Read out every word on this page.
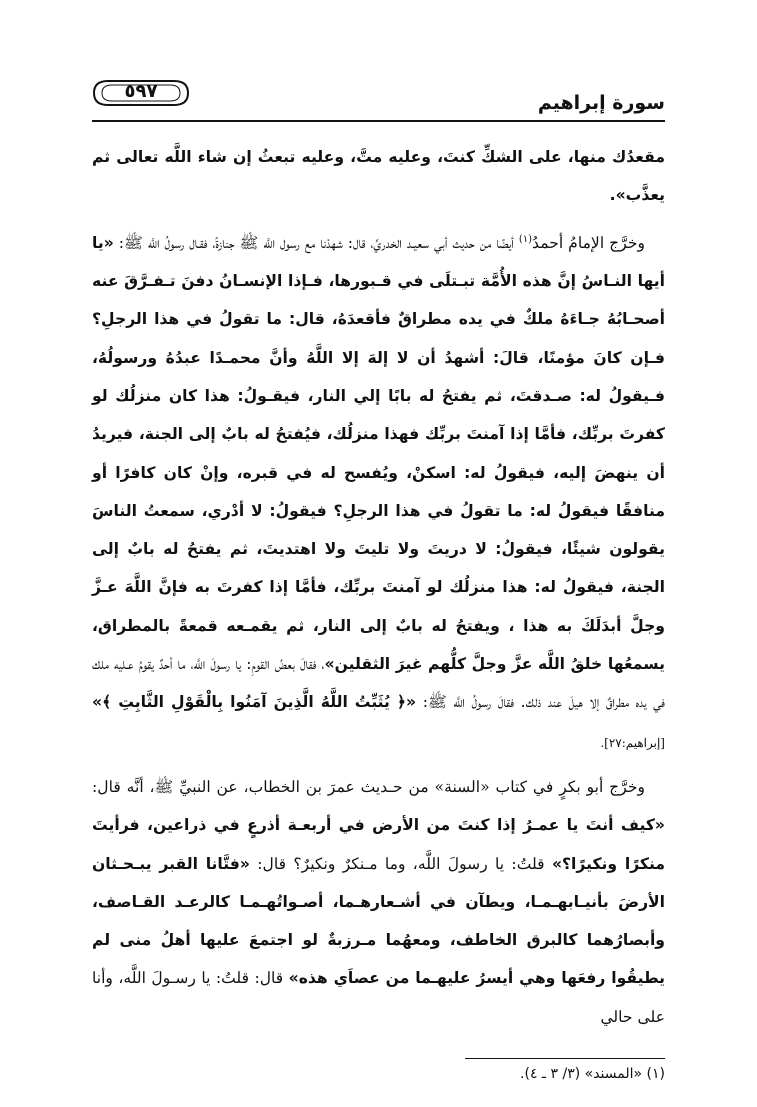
سورة إبراهيم
٥٩٧

مقعدُك منها، على الشكِّ كنتَ، وعليه متَّ، وعليه تبعثُ إن شاء اللَّه تعالى ثم يعذَّب».

وخرَّج الإمامُ أحمدُ$^{(١)}$ أيضًا من حديث أبي سعيـد الخدريِّ، قال: شهدْنا مع رسول اللَّه ﷺ جنازةً، فقـال رسولُ اللَّه ﷺ: «يا أيها النـاسُ إنَّ هذه الأُمَّة تبـتلَى في قـبورها، فـإذا الإنسـانُ دفنَ تـفـرَّقَ عنه أصحـابُهُ جـاءَهُ ملكٌ في يده مطراقٌ فأقعدَهُ، قال: ما تقولُ في هذا الرجلِ؟ فـإن كانَ مؤمنًا، قالَ: أشهدُ أن لا إلهَ إلا اللَّهُ وأنَّ محمـدًا عبدُهُ ورسولُهُ، فـيقولُ له: صـدقتَ، ثم يفتحُ له بابًا إلي النار، فيقـولُ: هذا كان منزلُك لو كفرتَ بربِّك، فأمَّا إذا آمنتَ بربِّك فهذا منزلُك، فيُفتحُ له بابٌ إلى الجنة، فيريدُ أن ينهضَ إليه، فيقولُ له: اسكنْ، ويُفسح له في قبره، وإنْ كان كافرًا أو منافقًا فيقولُ له: ما تقولُ في هذا الرجلِ؟ فيقولُ: لا أدْري، سمعتُ الناسَ يقولون شيئًا، فيقولُ: لا دريتَ ولا تليتَ ولا اهتديتَ، ثم يفتحُ له بابٌ إلى الجنة، فيقولُ له: هذا منزلُك لو آمنتَ بربِّك، فأمَّا إذا كفرتَ به فإنَّ اللَّهَ عـزَّ وجلَّ أبدَلَكَ به هذا ، ويفتحُ له بابٌ إلى النار، ثم يقمـعه قمعةً بالمطراق، يسمعُها خلقُ اللَّه عزَّ وجلَّ كلُّهم غيرَ الثقلين»، فقالَ بعضُ القومِ: يا رسولَ اللَّه، ما أحدٌ يقومُ عـليه ملك في يده مطراقٌ إلا هيلَ عند ذلك. فقالَ رسولُ اللَّه ﷺ: «﴿ يُثَبِّتُ اللَّهُ الَّذِينَ آمَنُوا بِالْقَوْلِ الثَّابِتِ ﴾» [إبراهيم:٢٧].

وخرَّج أبو بكرٍ في كتاب «السنة» من حـديث عمرَ بن الخطاب، عن النبيِّ ﷺ، أنَّه قال: «كيف أنتَ يا عمـرُ إذا كنتَ من الأرض في أربعـة أذرعٍ في ذراعين، فرأيتَ منكرًا ونكيرًا؟» قلتُ: يا رسولَ اللَّه، وما مـنكرٌ ونكيرٌ؟ قال: «فتَّانا القبر يبـحـثان الأرضَ بأنيـابهـمـا، ويطآن في أشـعارهـما، أصـواتُهـمـا كالرعـد القـاصف، وأبصارُهما كالبرق الخاطف، ومعهُما مـرزبةٌ لو اجتمعَ عليها أهلُ منى لم يطيقُوا رفعَها وهي أيسرُ عليهـما من عصاَي هذه» قال: قلتُ: يا رسـولَ اللَّه، وأنا على حالي

(١) «المسند» (٣/ ٣ ـ ٤).
